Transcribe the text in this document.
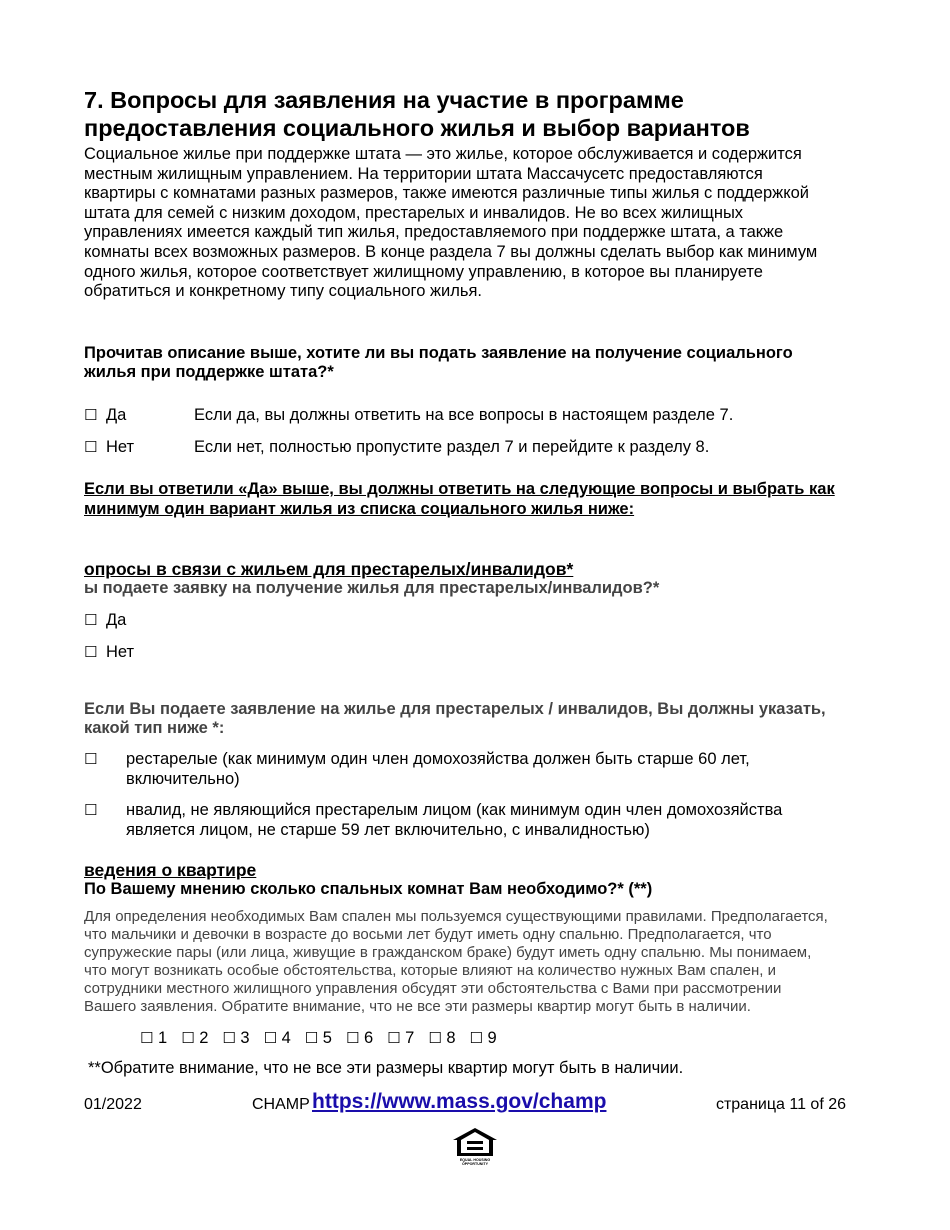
7. Вопросы для заявления на участие в программе
предоставления социального жилья и выбор вариантов
Социальное жилье при поддержке штата — это жилье, которое обслуживается и содержится
местным жилищным управлением. На территории штата Массачусетс предоставляются
квартиры с комнатами разных размеров, также имеются различные типы жилья с поддержкой
штата для семей с низким доходом, престарелых и инвалидов. Не во всех жилищных
управлениях имеется каждый тип жилья, предоставляемого при поддержке штата, а также
комнаты всех возможных размеров. В конце раздела 7 вы должны сделать выбор как минимум
одного жилья, которое соответствует жилищному управлению, в которое вы планируете
обратиться и конкретному типу социального жилья.
Прочитав описание выше, хотите ли вы подать заявление на получение социального
жилья при поддержке штата?*
☐ Да	Если да, вы должны ответить на все вопросы в настоящем разделе 7.
☐ Нет	Если нет, полностью пропустите раздел 7 и перейдите к разделу 8.
Если вы ответили «Да» выше, вы должны ответить на следующие вопросы и выбрать как
минимум один вариант жилья из списка социального жилья ниже:
опросы в связи с жильем для престарелых/инвалидов*
ы подаете заявку на получение жилья для престарелых/инвалидов?*
☐ Да
☐ Нет
Если Вы подаете заявление на жилье для престарелых / инвалидов, Вы должны указать,
какой тип ниже *:
☐	рестарелые (как минимум один член домохозяйства должен быть старше 60 лет,
включительно)
☐	нвалид, не являющийся престарелым лицом (как минимум один член домохозяйства
является лицом, не старше 59 лет включительно, с инвалидностью)
ведения о квартире
По Вашему мнению сколько спальных комнат Вам необходимо?* (**)
Для определения необходимых Вам спален мы пользуемся существующими правилами. Предполагается,
что мальчики и девочки в возрасте до восьми лет будут иметь одну спальню. Предполагается, что
супружеские пары (или лица, живущие в гражданском браке) будут иметь одну спальню. Мы понимаем,
что могут возникать особые обстоятельства, которые влияют на количество нужных Вам спален, и
сотрудники местного жилищного управления обсудят эти обстоятельства с Вами при рассмотрении
Вашего заявления. Обратите внимание, что не все эти размеры квартир могут быть в наличии.
☐ 1 ☐ 2 ☐ 3 ☐ 4 ☐ 5 ☐ 6 ☐ 7 ☐ 8 ☐ 9
**Обратите внимание, что не все эти размеры квартир могут быть в наличии.
01/2022	CHAMP https://www.mass.gov/champ	страница 11 of 26
EQUAL HOUSING
OPPORTUNITY
